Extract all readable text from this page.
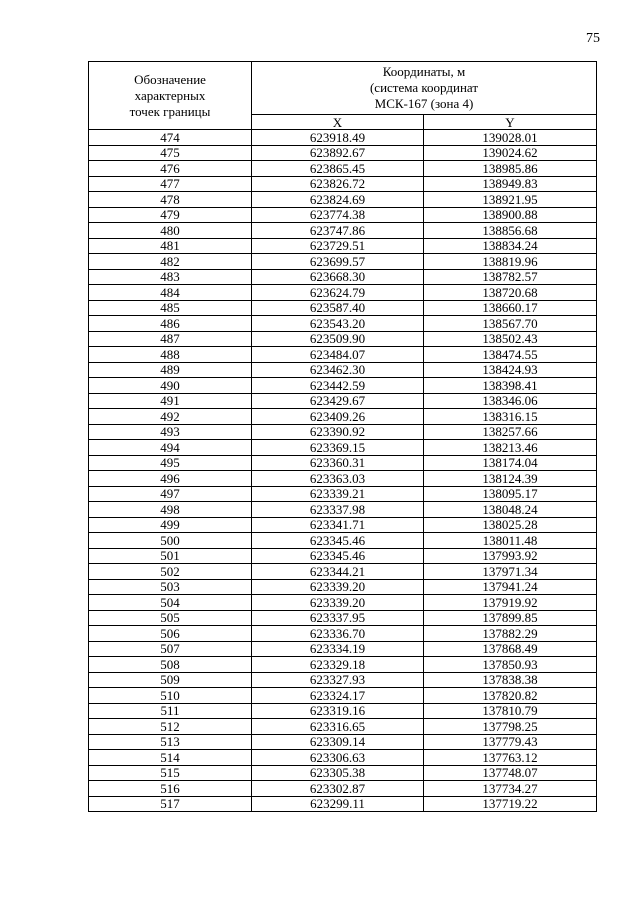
75
Обозначение
характерных
точек границы	Координаты, м
(система координат
МСК-167 (зона 4)	

	X	Y
474	623918.49	139028.01
475	623892.67	139024.62
476	623865.45	138985.86
477	623826.72	138949.83
478	623824.69	138921.95
479	623774.38	138900.88
480	623747.86	138856.68
481	623729.51	138834.24
482	623699.57	138819.96
483	623668.30	138782.57
484	623624.79	138720.68
485	623587.40	138660.17
486	623543.20	138567.70
487	623509.90	138502.43
488	623484.07	138474.55
489	623462.30	138424.93
490	623442.59	138398.41
491	623429.67	138346.06
492	623409.26	138316.15
493	623390.92	138257.66
494	623369.15	138213.46
495	623360.31	138174.04
496	623363.03	138124.39
497	623339.21	138095.17
498	623337.98	138048.24
499	623341.71	138025.28
500	623345.46	138011.48
501	623345.46	137993.92
502	623344.21	137971.34
503	623339.20	137941.24
504	623339.20	137919.92
505	623337.95	137899.85
506	623336.70	137882.29
507	623334.19	137868.49
508	623329.18	137850.93
509	623327.93	137838.38
510	623324.17	137820.82
511	623319.16	137810.79
512	623316.65	137798.25
513	623309.14	137779.43
514	623306.63	137763.12
515	623305.38	137748.07
516	623302.87	137734.27
517	623299.11	137719.22
